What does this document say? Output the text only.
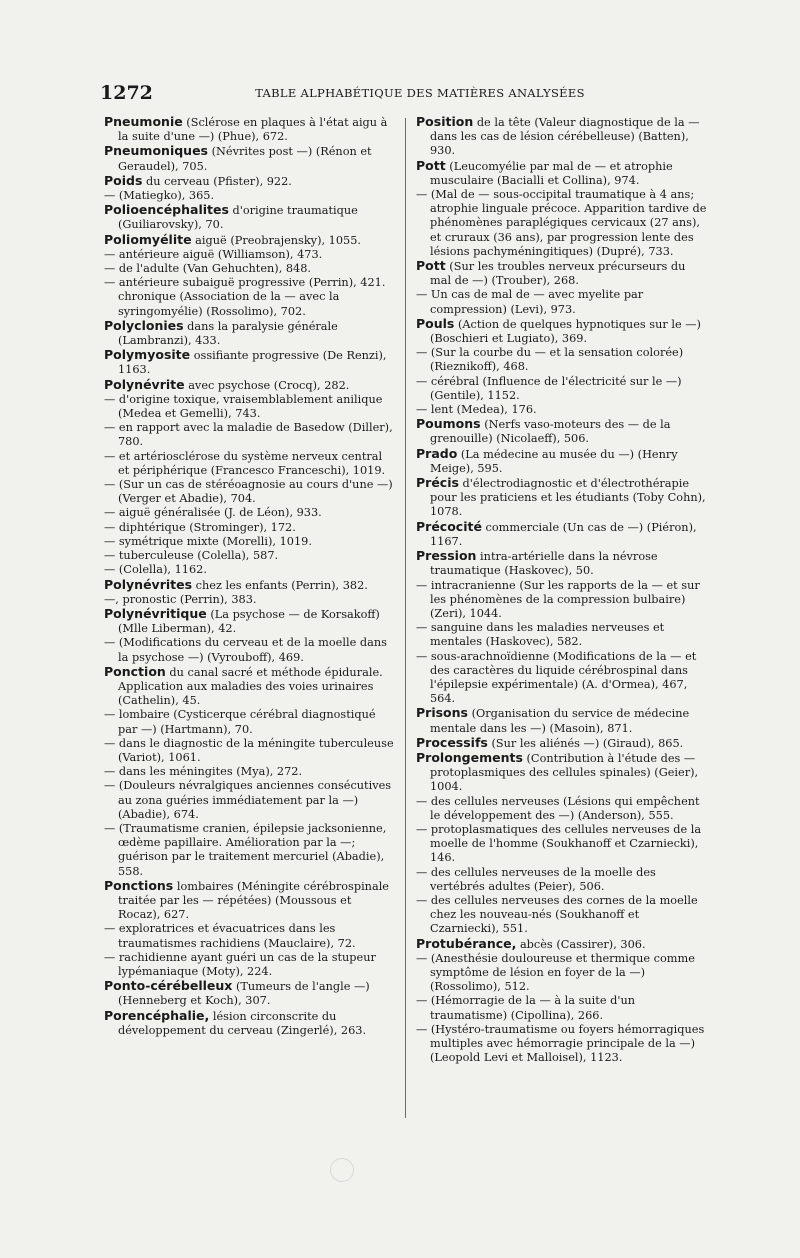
1272	TABLE ALPHABÉTIQUE DES MATIÈRES ANALYSÉES

Pneumonie (Sclérose en plaques à l'état aigu à la suite d'une —) (Phue), 672.

Pneumoniques (Névrites post —) (Rénon et Geraudel), 705.

Poids du cerveau (Pfister), 922.

— (Matiegko), 365.

Polioencéphalites d'origine traumatique (Guiliarovsky), 70.

Poliomyélite aiguë (Preobrajensky), 1055.

— antérieure aiguë (Williamson), 473.

— de l'adulte (Van Gehuchten), 848.

— antérieure subaiguë progressive (Perrin), 421.

chronique (Association de la — avec la syringomyélie) (Rossolimo), 702.

Polyclonies dans la paralysie générale (Lambranzi), 433.

Polymyosite ossifiante progressive (De Renzi), 1163.

Polynévrite avec psychose (Crocq), 282.

— d'origine toxique, vraisemblablement anilique (Medea et Gemelli), 743.

— en rapport avec la maladie de Basedow (Diller), 780.

— et artériosclérose du système nerveux central et périphérique (Francesco Franceschi), 1019.

— (Sur un cas de stéréoagnosie au cours d'une —) (Verger et Abadie), 704.

— aiguë généralisée (J. de Léon), 933.

— diphtérique (Strominger), 172.

— symétrique mixte (Morelli), 1019.

— tuberculeuse (Colella), 587.

— (Colella), 1162.

Polynévrites chez les enfants (Perrin), 382.

—, pronostic (Perrin), 383.

Polynévritique (La psychose — de Korsakoff) (Mlle Liberman), 42.

— (Modifications du cerveau et de la moelle dans la psychose —) (Vyrouboff), 469.

Ponction du canal sacré et méthode épidurale. Application aux maladies des voies urinaires (Cathelin), 45.

— lombaire (Cysticerque cérébral diagnostiqué par —) (Hartmann), 70.

— dans le diagnostic de la méningite tuberculeuse (Variot), 1061.

— dans les méningites (Mya), 272.

— (Douleurs névralgiques anciennes consécutives au zona guéries immédiatement par la —) (Abadie), 674.

— (Traumatisme cranien, épilepsie jacksonienne, œdème papillaire. Amélioration par la —; guérison par le traitement mercuriel (Abadie), 558.

Ponctions lombaires (Méningite cérébrospinale traitée par les — répétées) (Moussous et Rocaz), 627.

— exploratrices et évacuatrices dans les traumatismes rachidiens (Mauclaire), 72.

— rachidienne ayant guéri un cas de la stupeur lypémaniaque (Moty), 224.

Ponto-cérébelleux (Tumeurs de l'angle —) (Henneberg et Koch), 307.

Porencéphalie, lésion circonscrite du développement du cerveau (Zingerlé), 263.

Position de la tête (Valeur diagnostique de la — dans les cas de lésion cérébelleuse) (Batten), 930.

Pott (Leucomyélie par mal de — et atrophie musculaire (Bacialli et Collina), 974.

— (Mal de — sous-occipital traumatique à 4 ans; atrophie linguale précoce. Apparition tardive de phénomènes paraplégiques cervicaux (27 ans), et cruraux (36 ans), par progression lente des lésions pachyméningitiques) (Dupré), 733.

Pott (Sur les troubles nerveux précurseurs du mal de —) (Trouber), 268.

— Un cas de mal de — avec myelite par compression) (Levi), 973.

Pouls (Action de quelques hypnotiques sur le —) (Boschieri et Lugiato), 369.

— (Sur la courbe du — et la sensation colorée) (Rieznikoff), 468.

— cérébral (Influence de l'électricité sur le —) (Gentile), 1152.

— lent (Medea), 176.

Poumons (Nerfs vaso-moteurs des — de la grenouille) (Nicolaeff), 506.

Prado (La médecine au musée du —) (Henry Meige), 595.

Précis d'électrodiagnostic et d'électrothérapie pour les praticiens et les étudiants (Toby Cohn), 1078.

Précocité commerciale (Un cas de —) (Piéron), 1167.

Pression intra-artérielle dans la névrose traumatique (Haskovec), 50.

— intracranienne (Sur les rapports de la — et sur les phénomènes de la compression bulbaire) (Zeri), 1044.

— sanguine dans les maladies nerveuses et mentales (Haskovec), 582.

— sous-arachnoïdienne (Modifications de la — et des caractères du liquide cérébrospinal dans l'épilepsie expérimentale) (A. d'Ormea), 467, 564.

Prisons (Organisation du service de médecine mentale dans les —) (Masoin), 871.

Processifs (Sur les aliénés —) (Giraud), 865.

Prolongements (Contribution à l'étude des — protoplasmiques des cellules spinales) (Geier), 1004.

— des cellules nerveuses (Lésions qui empêchent le développement des —) (Anderson), 555.

— protoplasmatiques des cellules nerveuses de la moelle de l'homme (Soukhanoff et Czarniecki), 146.

— des cellules nerveuses de la moelle des vertébrés adultes (Peier), 506.

— des cellules nerveuses des cornes de la moelle chez les nouveau-nés (Soukhanoff et Czarniecki), 551.

Protubérance, abcès (Cassirer), 306.

— (Anesthésie douloureuse et thermique comme symptôme de lésion en foyer de la —) (Rossolimo), 512.

— (Hémorragie de la — à la suite d'un traumatisme) (Cipollina), 266.

— (Hystéro-traumatisme ou foyers hémorragiques multiples avec hémorragie principale de la —) (Leopold Levi et Malloisel), 1123.
